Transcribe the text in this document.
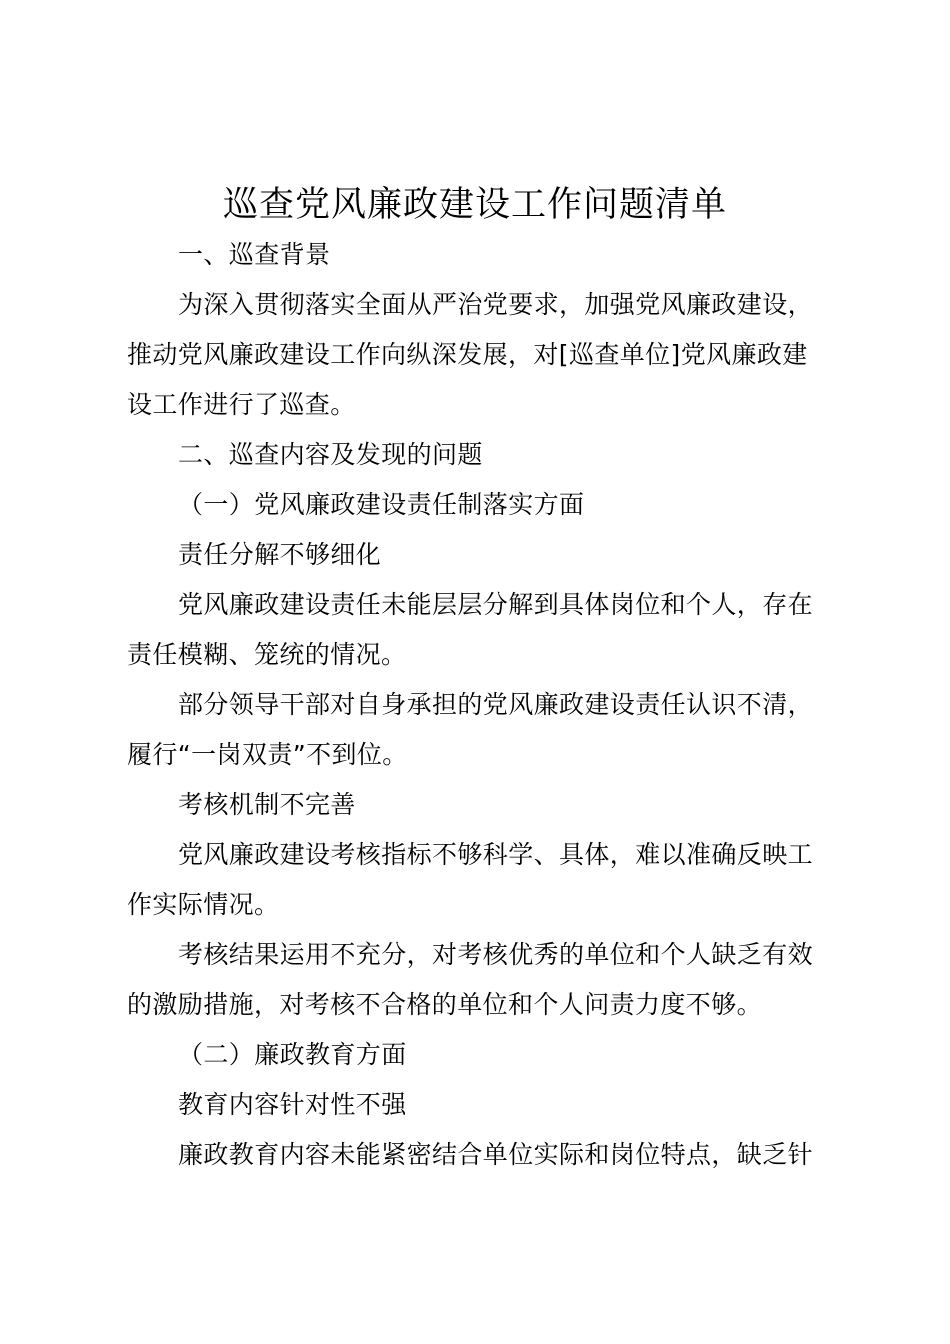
巡查党风廉政建设工作问题清单
一、巡查背景
为深入贯彻落实全面从严治党要求，加强党风廉政建设，
推动党风廉政建设工作向纵深发展，对[巡查单位]党风廉政建
设工作进行了巡查。
二、巡查内容及发现的问题
（一）党风廉政建设责任制落实方面
责任分解不够细化
党风廉政建设责任未能层层分解到具体岗位和个人，存在
责任模糊、笼统的情况。
部分领导干部对自身承担的党风廉政建设责任认识不清，
履行“一岗双责”不到位。
考核机制不完善
党风廉政建设考核指标不够科学、具体，难以准确反映工
作实际情况。
考核结果运用不充分，对考核优秀的单位和个人缺乏有效
的激励措施，对考核不合格的单位和个人问责力度不够。
（二）廉政教育方面
教育内容针对性不强
廉政教育内容未能紧密结合单位实际和岗位特点，缺乏针
